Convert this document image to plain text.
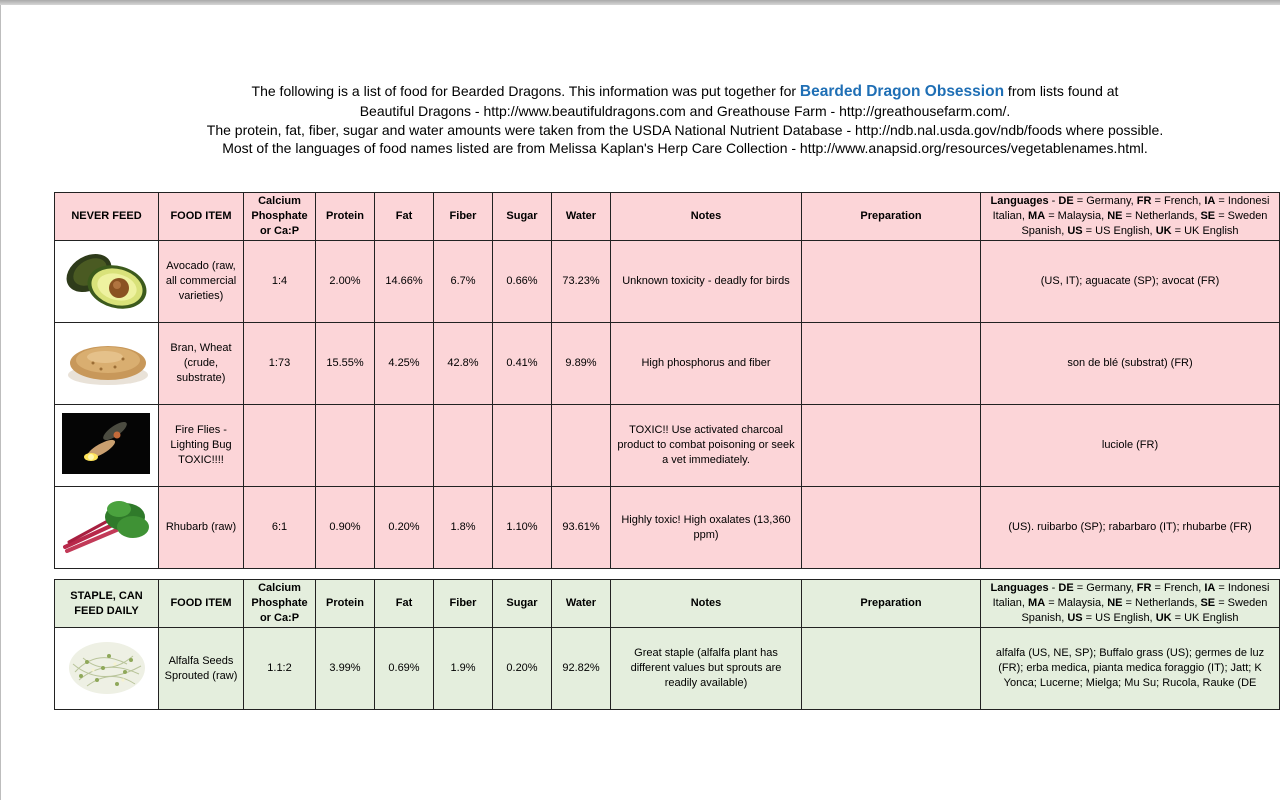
The following is a list of food for Bearded Dragons. This information was put together for Bearded Dragon Obsession from lists found at
Beautiful Dragons - http://www.beautifuldragons.com and Greathouse Farm - http://greathousefarm.com/.
The protein, fat, fiber, sugar and water amounts were taken from the USDA National Nutrient Database - http://ndb.nal.usda.gov/ndb/foods where possible.
Most of the languages of food names listed are from Melissa Kaplan's Herp Care Collection - http://www.anapsid.org/resources/vegetablenames.html.
NEVER FEED	FOOD ITEM	Calcium Phosphate or Ca:P	Protein	Fat	Fiber	Sugar	Water	Notes	Preparation	Languages - DE = Germany, FR = French, IA = Indonesi
Italian, MA = Malaysia, NE = Netherlands, SE = Sweden
Spanish, US = US English, UK = UK English

	Avocado (raw, all commercial varieties)	1:4	2.00%	14.66%	6.7%	0.66%	73.23%	Unknown toxicity - deadly for birds		(US, IT); aguacate (SP); avocat (FR)
	Bran, Wheat (crude, substrate)	1:73	15.55%	4.25%	42.8%	0.41%	9.89%	High phosphorus and fiber		son de blé (substrat) (FR)
	Fire Flies - Lighting Bug TOXIC!!!!							TOXIC!! Use activated charcoal product to combat poisoning or seek a vet immediately.		luciole (FR)
	Rhubarb (raw)	6:1	0.90%	0.20%	1.8%	1.10%	93.61%	Highly toxic! High oxalates (13,360 ppm)		(US). ruibarbo (SP); rabarbaro (IT); rhubarbe (FR)
STAPLE, CAN FEED DAILY	FOOD ITEM	Calcium Phosphate or Ca:P	Protein	Fat	Fiber	Sugar	Water	Notes	Preparation	Languages - DE = Germany, FR = French, IA = Indonesi
Italian, MA = Malaysia, NE = Netherlands, SE = Sweden
Spanish, US = US English, UK = UK English

	Alfalfa Seeds Sprouted (raw)	1.1:2	3.99%	0.69%	1.9%	0.20%	92.82%	Great staple (alfalfa plant has different values but sprouts are readily available)		alfalfa (US, NE, SP); Buffalo grass (US); germes de luz
(FR); erba medica, pianta medica foraggio (IT); Jatt; K
Yonca; Lucerne; Mielga; Mu Su; Rucola, Rauke (DE
